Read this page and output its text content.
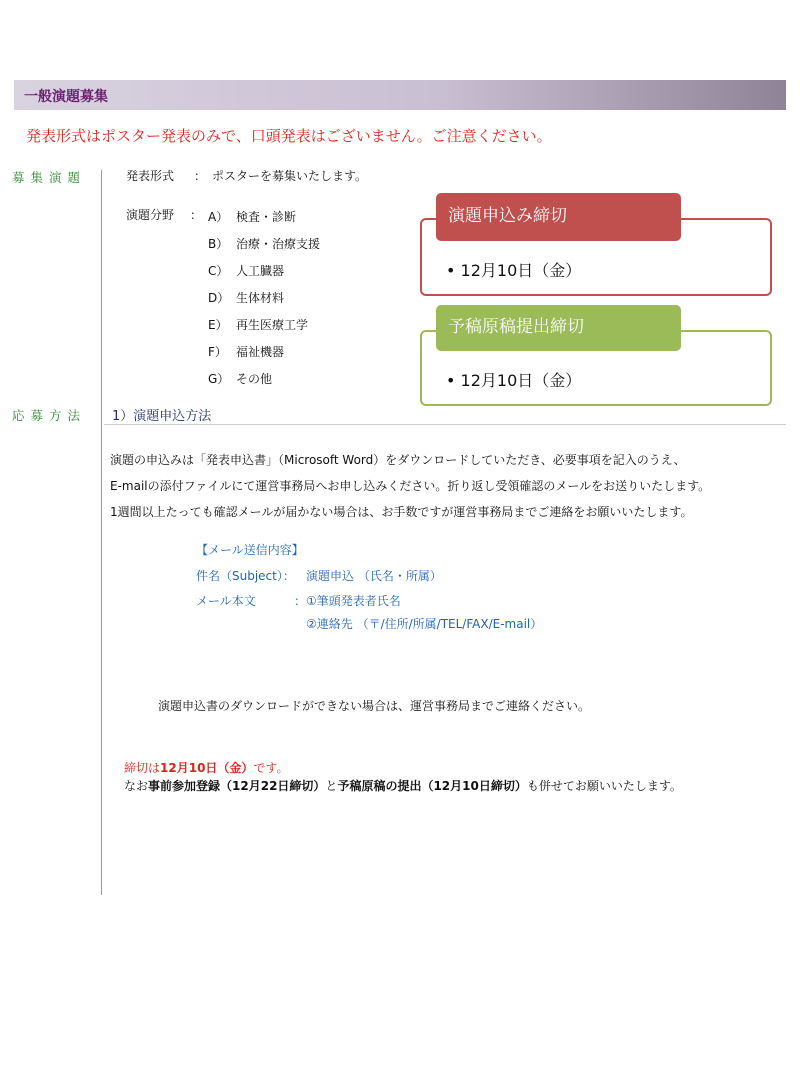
一般演題募集
発表形式はポスター発表のみで、口頭発表はございません。ご注意ください。
募集演題
応募方法
発表形式 ： ポスターを募集いたします。
演題分野 ： A） 検査・診断
B） 治療・治療支援
C） 人工臓器
D） 生体材料
E） 再生医療工学
F） 福祉機器
G） その他
演題申込み締切
• 12月10日（金）
予稿原稿提出締切
• 12月10日（金）
1）演題申込方法
演題の申込みは「発表申込書」（Microsoft Word）をダウンロードしていただき、必要事項を記入のうえ、
E-mailの添付ファイルにて運営事務局へお申し込みください。折り返し受領確認のメールをお送りいたします。
1週間以上たっても確認メールが届かない場合は、お手数ですが運営事務局までご連絡をお願いいたします。
【メール送信内容】
件名（Subject）： 演題申込 （氏名・所属）
メール本文	： ①筆頭発表者氏名
②連絡先 （〒/住所/所属/TEL/FAX/E-mail）
演題申込書のダウンロードができない場合は、運営事務局までご連絡ください。
締切は12月10日（金）です。
なお事前参加登録（12月22日締切）と予稿原稿の提出（12月10日締切）も併せてお願いいたします。
